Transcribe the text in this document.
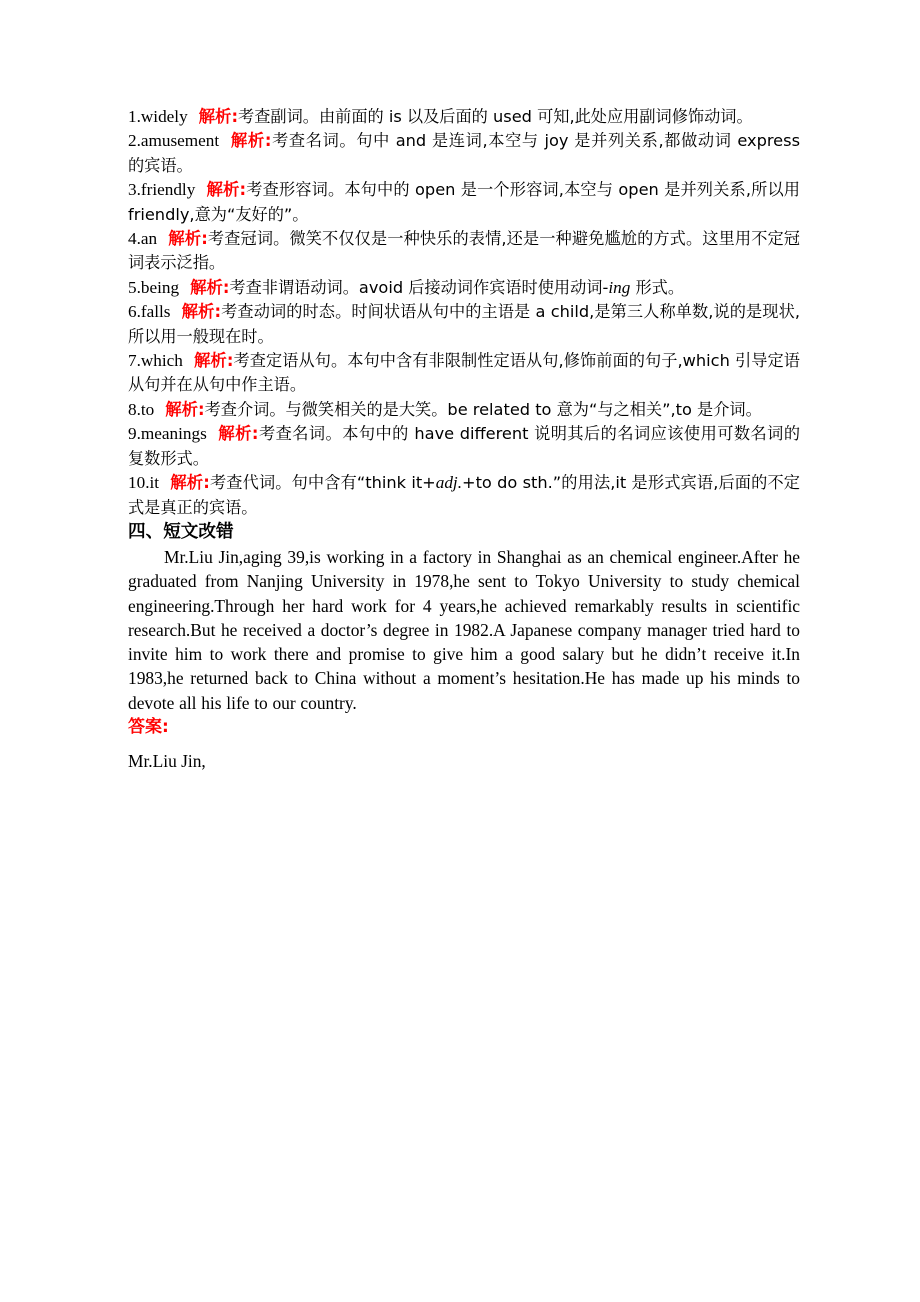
1.widely 解析:考查副词。由前面的 is 以及后面的 used 可知,此处应用副词修饰动词。

2.amusement 解析:考查名词。句中 and 是连词,本空与 joy 是并列关系,都做动词 express 的宾语。

3.friendly 解析:考查形容词。本句中的 open 是一个形容词,本空与 open 是并列关系,所以用 friendly,意为“友好的”。

4.an 解析:考查冠词。微笑不仅仅是一种快乐的表情,还是一种避免尴尬的方式。这里用不定冠词表示泛指。

5.being 解析:考查非谓语动词。avoid 后接动词作宾语时使用动词-ing 形式。

6.falls 解析:考查动词的时态。时间状语从句中的主语是 a child,是第三人称单数,说的是现状,所以用一般现在时。

7.which 解析:考查定语从句。本句中含有非限制性定语从句,修饰前面的句子,which 引导定语从句并在从句中作主语。

8.to 解析:考查介词。与微笑相关的是大笑。be related to 意为“与之相关”,to 是介词。

9.meanings 解析:考查名词。本句中的 have different 说明其后的名词应该使用可数名词的复数形式。

10.it 解析:考查代词。句中含有“think it+adj.+to do sth.”的用法,it 是形式宾语,后面的不定式是真正的宾语。

四、短文改错

Mr.Liu Jin,aging 39,is working in a factory in Shanghai as an chemical engineer.After he graduated from Nanjing University in 1978,he sent to Tokyo University to study chemical engineering.Through her hard work for 4 years,he achieved remarkably results in scientific research.But he received a doctor’s degree in 1982.A Japanese company manager tried hard to invite him to work there and promise to give him a good salary but he didn’t receive it.In 1983,he returned back to China without a moment’s hesitation.He has made up his minds to devote all his life to our country.

答案:

Mr.Liu Jin,
